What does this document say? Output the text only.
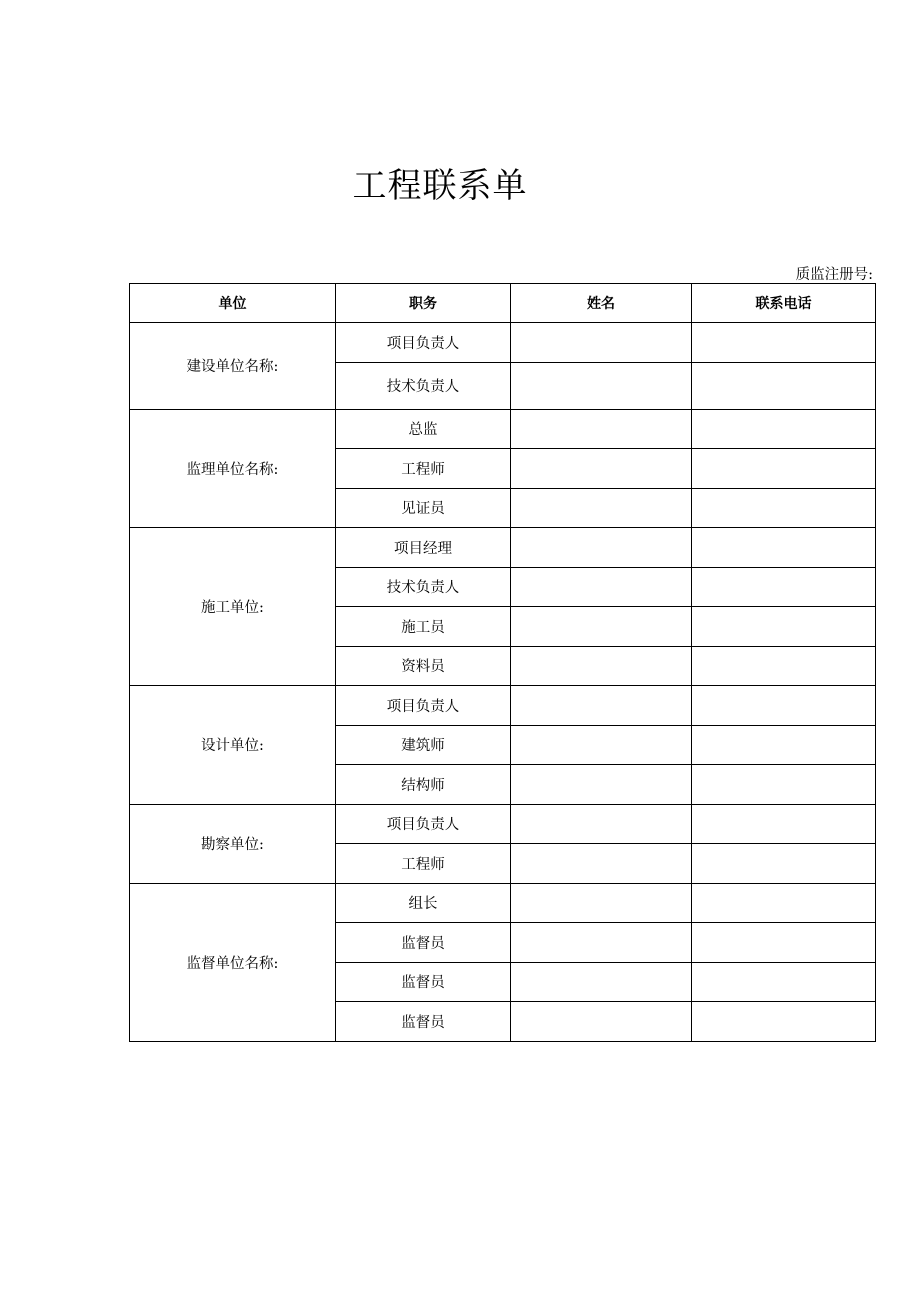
工程联系单
质监注册号:
单位	职务	姓名	联系电话
建设单位名称:	项目负责人		
	技术负责人		
监理单位名称:	总监		
	工程师		
	见证员		
施工单位:	项目经理		
	技术负责人		
	施工员		
	资料员		
设计单位:	项目负责人		
	建筑师		
	结构师		
勘察单位:	项目负责人		
	工程师		
监督单位名称:	组长		
	监督员		
	监督员		
	监督员		
